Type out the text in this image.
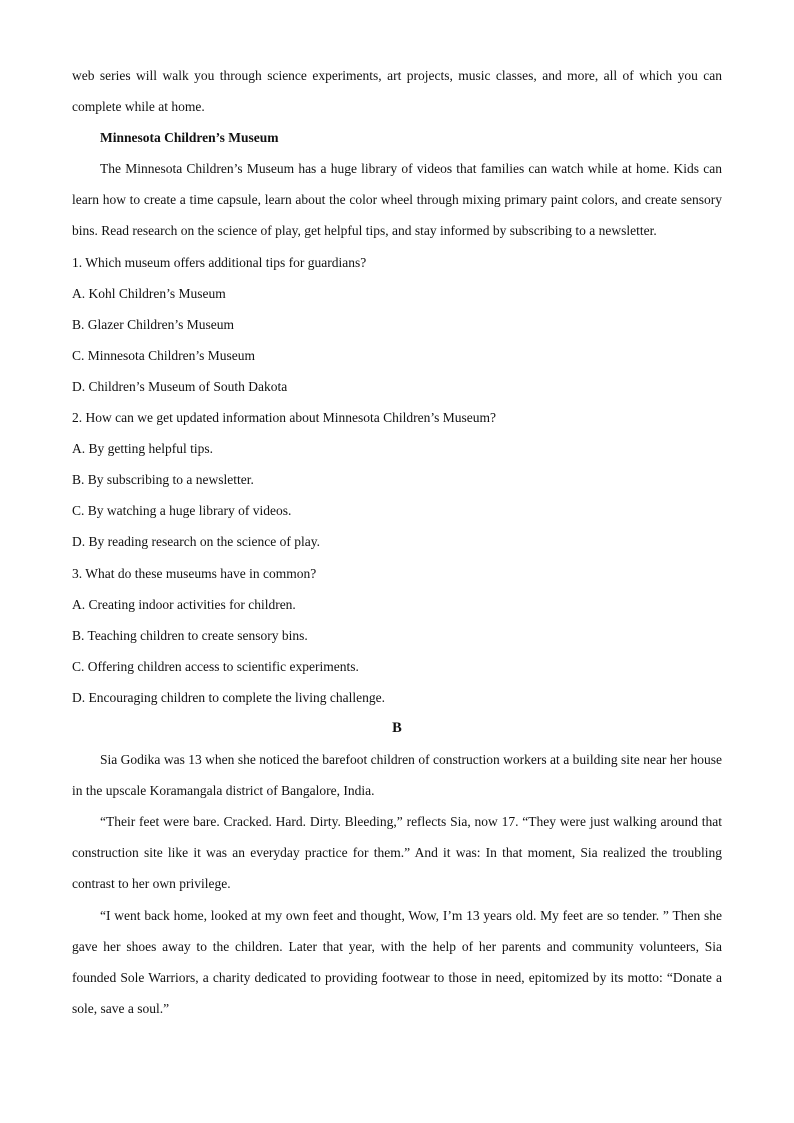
web series will walk you through science experiments, art projects, music classes, and more, all of which you can complete while at home.

Minnesota Children’s Museum

The Minnesota Children’s Museum has a huge library of videos that families can watch while at home. Kids can learn how to create a time capsule, learn about the color wheel through mixing primary paint colors, and create sensory bins. Read research on the science of play, get helpful tips, and stay informed by subscribing to a newsletter.

1. Which museum offers additional tips for guardians?

A. Kohl Children’s Museum

B. Glazer Children’s Museum

C. Minnesota Children’s Museum

D. Children’s Museum of South Dakota

2. How can we get updated information about Minnesota Children’s Museum?

A. By getting helpful tips.

B. By subscribing to a newsletter.

C. By watching a huge library of videos.

D. By reading research on the science of play.

3. What do these museums have in common?

A. Creating indoor activities for children.

B. Teaching children to create sensory bins.

C. Offering children access to scientific experiments.

D. Encouraging children to complete the living challenge.

B

Sia Godika was 13 when she noticed the barefoot children of construction workers at a building site near her house in the upscale Koramangala district of Bangalore, India.

“Their feet were bare. Cracked. Hard. Dirty. Bleeding,” reflects Sia, now 17. “They were just walking around that construction site like it was an everyday practice for them.” And it was: In that moment, Sia realized the troubling contrast to her own privilege.

“I went back home, looked at my own feet and thought, Wow, I’m 13 years old. My feet are so tender. ” Then she gave her shoes away to the children. Later that year, with the help of her parents and community volunteers, Sia founded Sole Warriors, a charity dedicated to providing footwear to those in need, epitomized by its motto: “Donate a sole, save a soul.”
